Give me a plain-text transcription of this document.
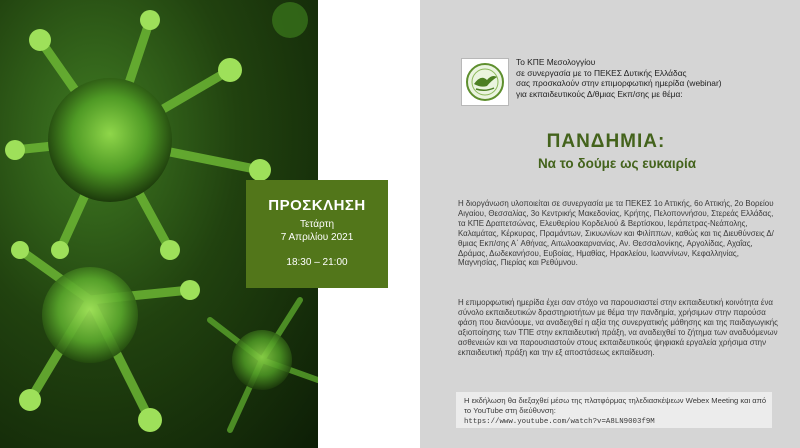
ΠΡΟΣΚΛΗΣΗ
Τετάρτη
7 Απριλίου 2021
18:30 – 21:00
Το ΚΠΕ Μεσολογγίου
σε συνεργασία με το ΠΕΚΕΣ Δυτικής Ελλάδας
σας προσκαλούν στην επιμορφωτική ημερίδα (webinar)
για εκπαιδευτικούς Δ/θμιας Εκπ/σης με θέμα:
ΠΑΝΔΗΜΙΑ:
Να το δούμε ως ευκαιρία
Η διοργάνωση υλοποιείται σε συνεργασία με τα ΠΕΚΕΣ 1ο Αττικής, 6ο Αττικής, 2ο Βορείου Αιγαίου, Θεσσαλίας, 3ο Κεντρικής Μακεδονίας, Κρήτης, Πελοποννήσου, Στερεάς Ελλάδας, τα ΚΠΕ Δραπετσώνας, Ελευθερίου Κορδελιού & Βερτίσκου, Ιεράπετρας-Νεάπολης, Καλαμάτας, Κέρκυρας, Πραμάντων, Σικυωνίων και Φιλίππων, καθώς και τις Διευθύνσεις Δ/θμιας Εκπ/σης Α΄ Αθήνας, Αιτωλοακαρνανίας, Αν. Θεσσαλονίκης, Αργολίδας, Αχαΐας, Δράμας, Δωδεκανήσου, Ευβοίας, Ημαθίας, Ηρακλείου, Ιωαννίνων, Κεφαλληνίας, Μαγνησίας, Πιερίας και Ρεθύμνου.
Η επιμορφωτική ημερίδα έχει σαν στόχο να παρουσιαστεί στην εκπαιδευτική κοινότητα ένα σύνολο εκπαιδευτικών δραστηριοτήτων με θέμα την πανδημία, χρήσιμων στην παρούσα φάση που διανύουμε, να αναδειχθεί η αξία της συνεργατικής μάθησης και της παιδαγωγικής αξιοποίησης των ΤΠΕ στην εκπαιδευτική πράξη, να αναδειχθεί το ζήτημα των αναδυόμενων ασθενειών και να παρουσιαστούν στους εκπαιδευτικούς ψηφιακά εργαλεία χρήσιμα στην εκπαιδευτική πράξη και την εξ αποστάσεως εκπαίδευση.
Η εκδήλωση θα διεξαχθεί μέσω της πλατφόρμας τηλεδιασκέψεων Webex Meeting και από το YouTube στη διεύθυνση:
https://www.youtube.com/watch?v=A8LN9003f9M
